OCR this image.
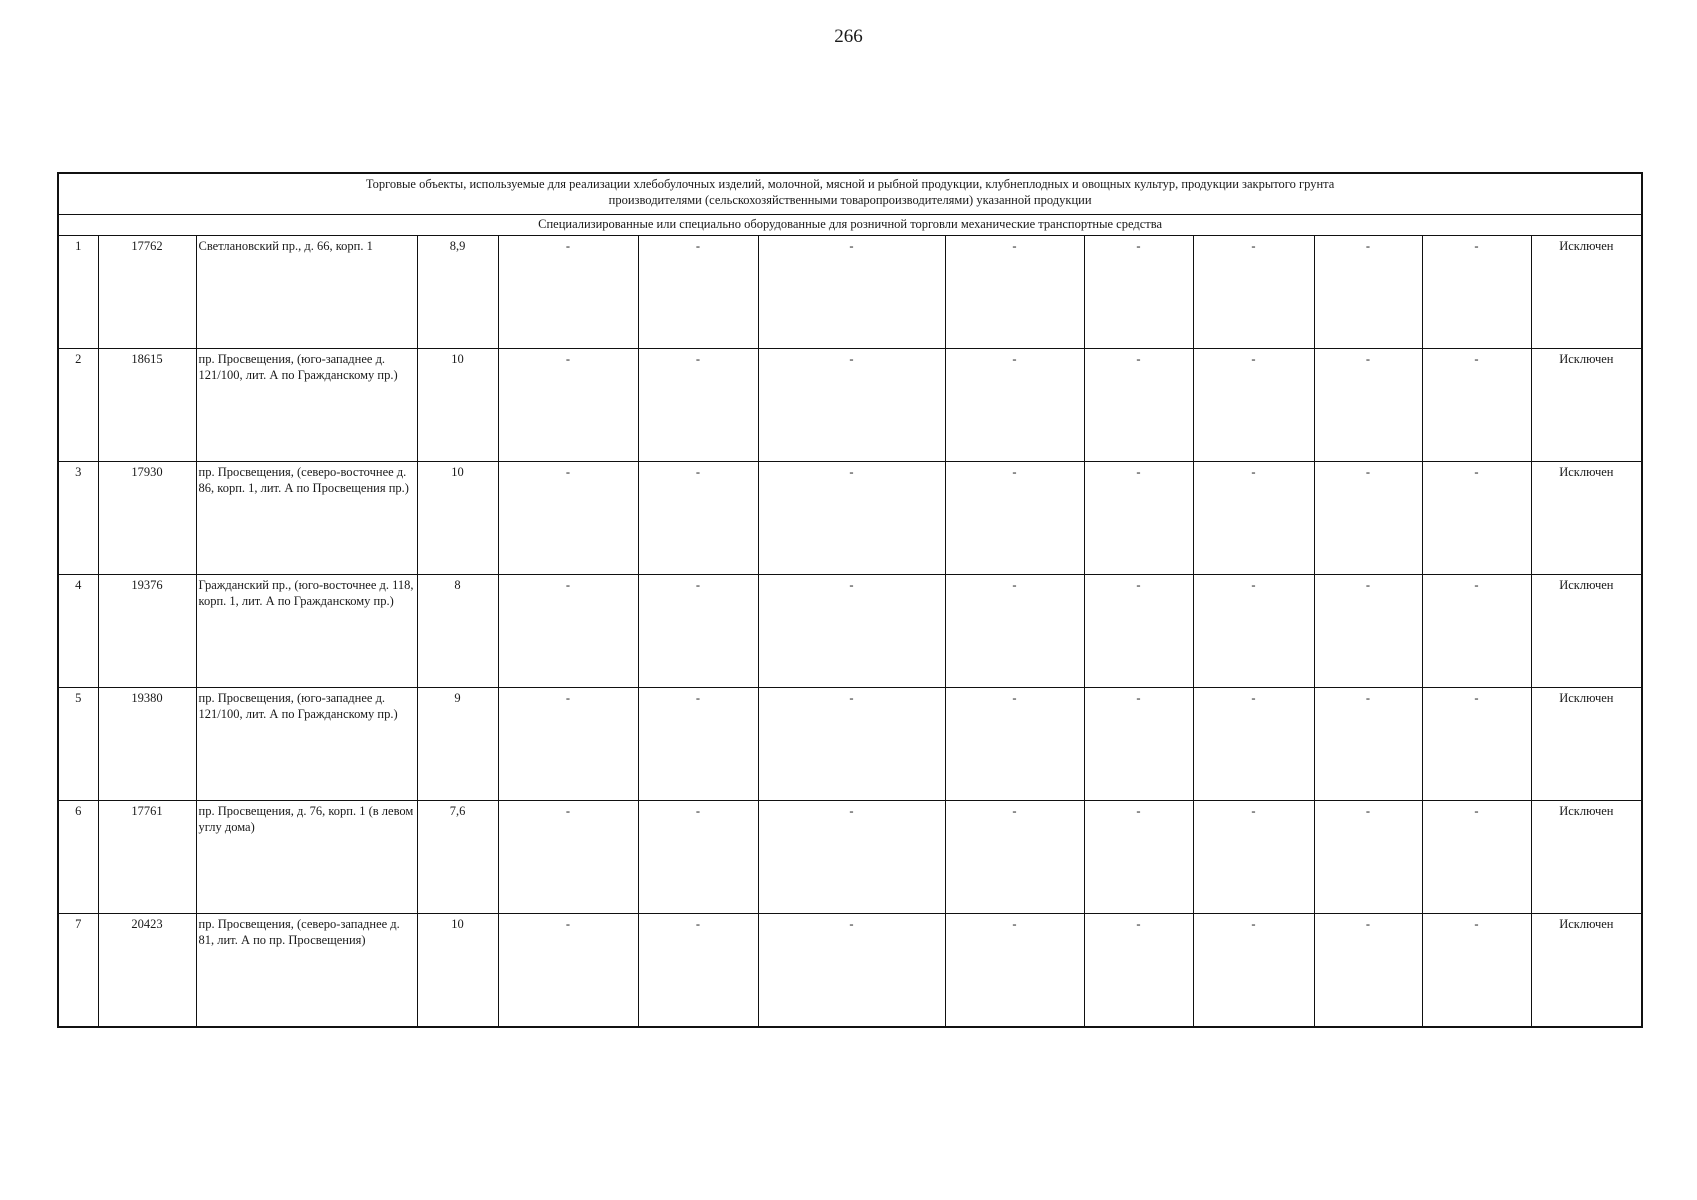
266
Торговые объекты, используемые для реализации хлебобулочных изделий, молочной, мясной и рыбной продукции, клубнеплодных и овощных культур, продукции закрытого грунта
производителями (сельскохозяйственными товаропроизводителями) указанной продукции												

Специализированные или специально оборудованные для розничной торговли механические транспортные средства												
1	17762	Светлановский пр., д. 66, корп. 1	8,9	-	-	-	-	-	-	-	-	Исключен
2	18615	пр. Просвещения, (юго-западнее д. 121/100, лит. А по Гражданскому пр.)	10	-	-	-	-	-	-	-	-	Исключен
3	17930	пр. Просвещения, (северо-восточнее д. 86, корп. 1, лит. А по Просвещения пр.)	10	-	-	-	-	-	-	-	-	Исключен
4	19376	Гражданский пр., (юго-восточнее д. 118, корп. 1, лит. А по Гражданскому пр.)	8	-	-	-	-	-	-	-	-	Исключен
5	19380	пр. Просвещения, (юго-западнее д. 121/100, лит. А по Гражданскому пр.)	9	-	-	-	-	-	-	-	-	Исключен
6	17761	пр. Просвещения, д. 76, корп. 1 (в левом углу дома)	7,6	-	-	-	-	-	-	-	-	Исключен
7	20423	пр. Просвещения, (северо-западнее д. 81, лит. А по пр. Просвещения)	10	-	-	-	-	-	-	-	-	Исключен
